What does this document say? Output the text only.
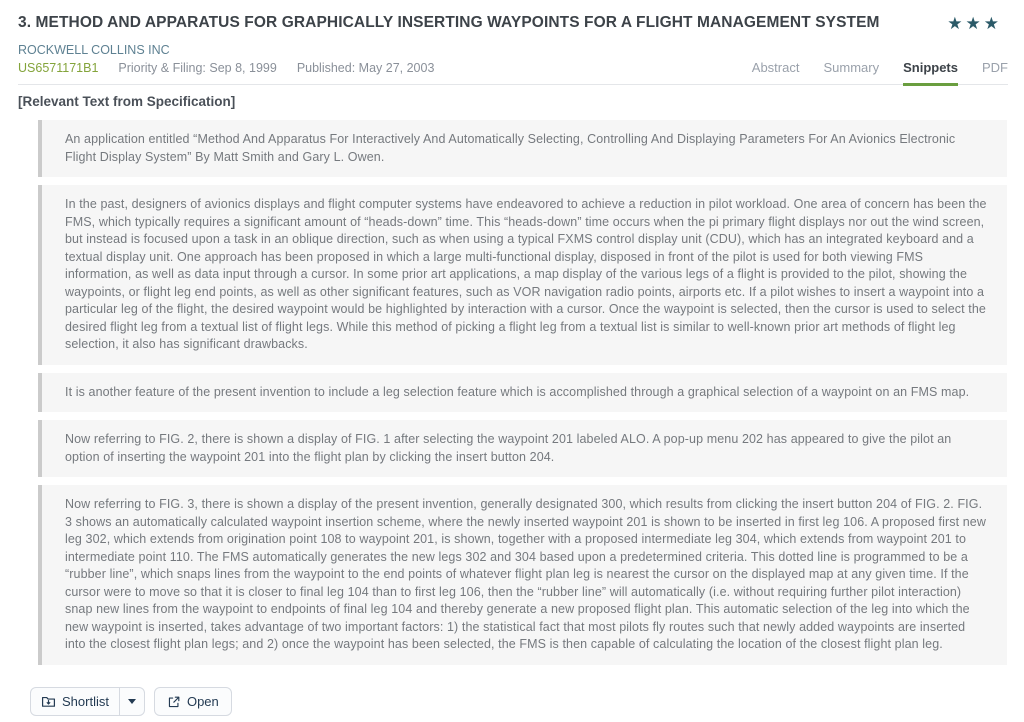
3. METHOD AND APPARATUS FOR GRAPHICALLY INSERTING WAYPOINTS FOR A FLIGHT MANAGEMENT SYSTEM	★★★
ROCKWELL COLLINS INC
US6571171B1 Priority & Filing: Sep 8, 1999 Published: May 27, 2003	Abstract Summary Snippets PDF
[Relevant Text from Specification]
An application entitled “Method And Apparatus For Interactively And Automatically Selecting, Controlling And Displaying Parameters For An Avionics Electronic Flight Display System” By Matt Smith and Gary L. Owen.
In the past, designers of avionics displays and flight computer systems have endeavored to achieve a reduction in pilot workload. One area of concern has been the FMS, which typically requires a significant amount of “heads-down” time. This “heads-down” time occurs when the pi primary flight displays nor out the wind screen, but instead is focused upon a task in an oblique direction, such as when using a typical FXMS control display unit (CDU), which has an integrated keyboard and a textual display unit. One approach has been proposed in which a large multi-functional display, disposed in front of the pilot is used for both viewing FMS information, as well as data input through a cursor. In some prior art applications, a map display of the various legs of a flight is provided to the pilot, showing the waypoints, or flight leg end points, as well as other significant features, such as VOR navigation radio points, airports etc. If a pilot wishes to insert a waypoint into a particular leg of the flight, the desired waypoint would be highlighted by interaction with a cursor. Once the waypoint is selected, then the cursor is used to select the desired flight leg from a textual list of flight legs. While this method of picking a flight leg from a textual list is similar to well-known prior art methods of flight leg selection, it also has significant drawbacks.
It is another feature of the present invention to include a leg selection feature which is accomplished through a graphical selection of a waypoint on an FMS map.
Now referring to FIG. 2, there is shown a display of FIG. 1 after selecting the waypoint 201 labeled ALO. A pop-up menu 202 has appeared to give the pilot an option of inserting the waypoint 201 into the flight plan by clicking the insert button 204.
Now referring to FIG. 3, there is shown a display of the present invention, generally designated 300, which results from clicking the insert button 204 of FIG. 2. FIG. 3 shows an automatically calculated waypoint insertion scheme, where the newly inserted waypoint 201 is shown to be inserted in first leg 106. A proposed first new leg 302, which extends from origination point 108 to waypoint 201, is shown, together with a proposed intermediate leg 304, which extends from waypoint 201 to intermediate point 110. The FMS automatically generates the new legs 302 and 304 based upon a predetermined criteria. This dotted line is programmed to be a “rubber line”, which snaps lines from the waypoint to the end points of whatever flight plan leg is nearest the cursor on the displayed map at any given time. If the cursor were to move so that it is closer to final leg 104 than to first leg 106, then the “rubber line” will automatically (i.e. without requiring further pilot interaction) snap new lines from the waypoint to endpoints of final leg 104 and thereby generate a new proposed flight plan. This automatic selection of the leg into which the new waypoint is inserted, takes advantage of two important factors: 1) the statistical fact that most pilots fly routes such that newly added waypoints are inserted into the closest flight plan legs; and 2) once the waypoint has been selected, the FMS is then capable of calculating the location of the closest flight plan leg.
Shortlist	Open
